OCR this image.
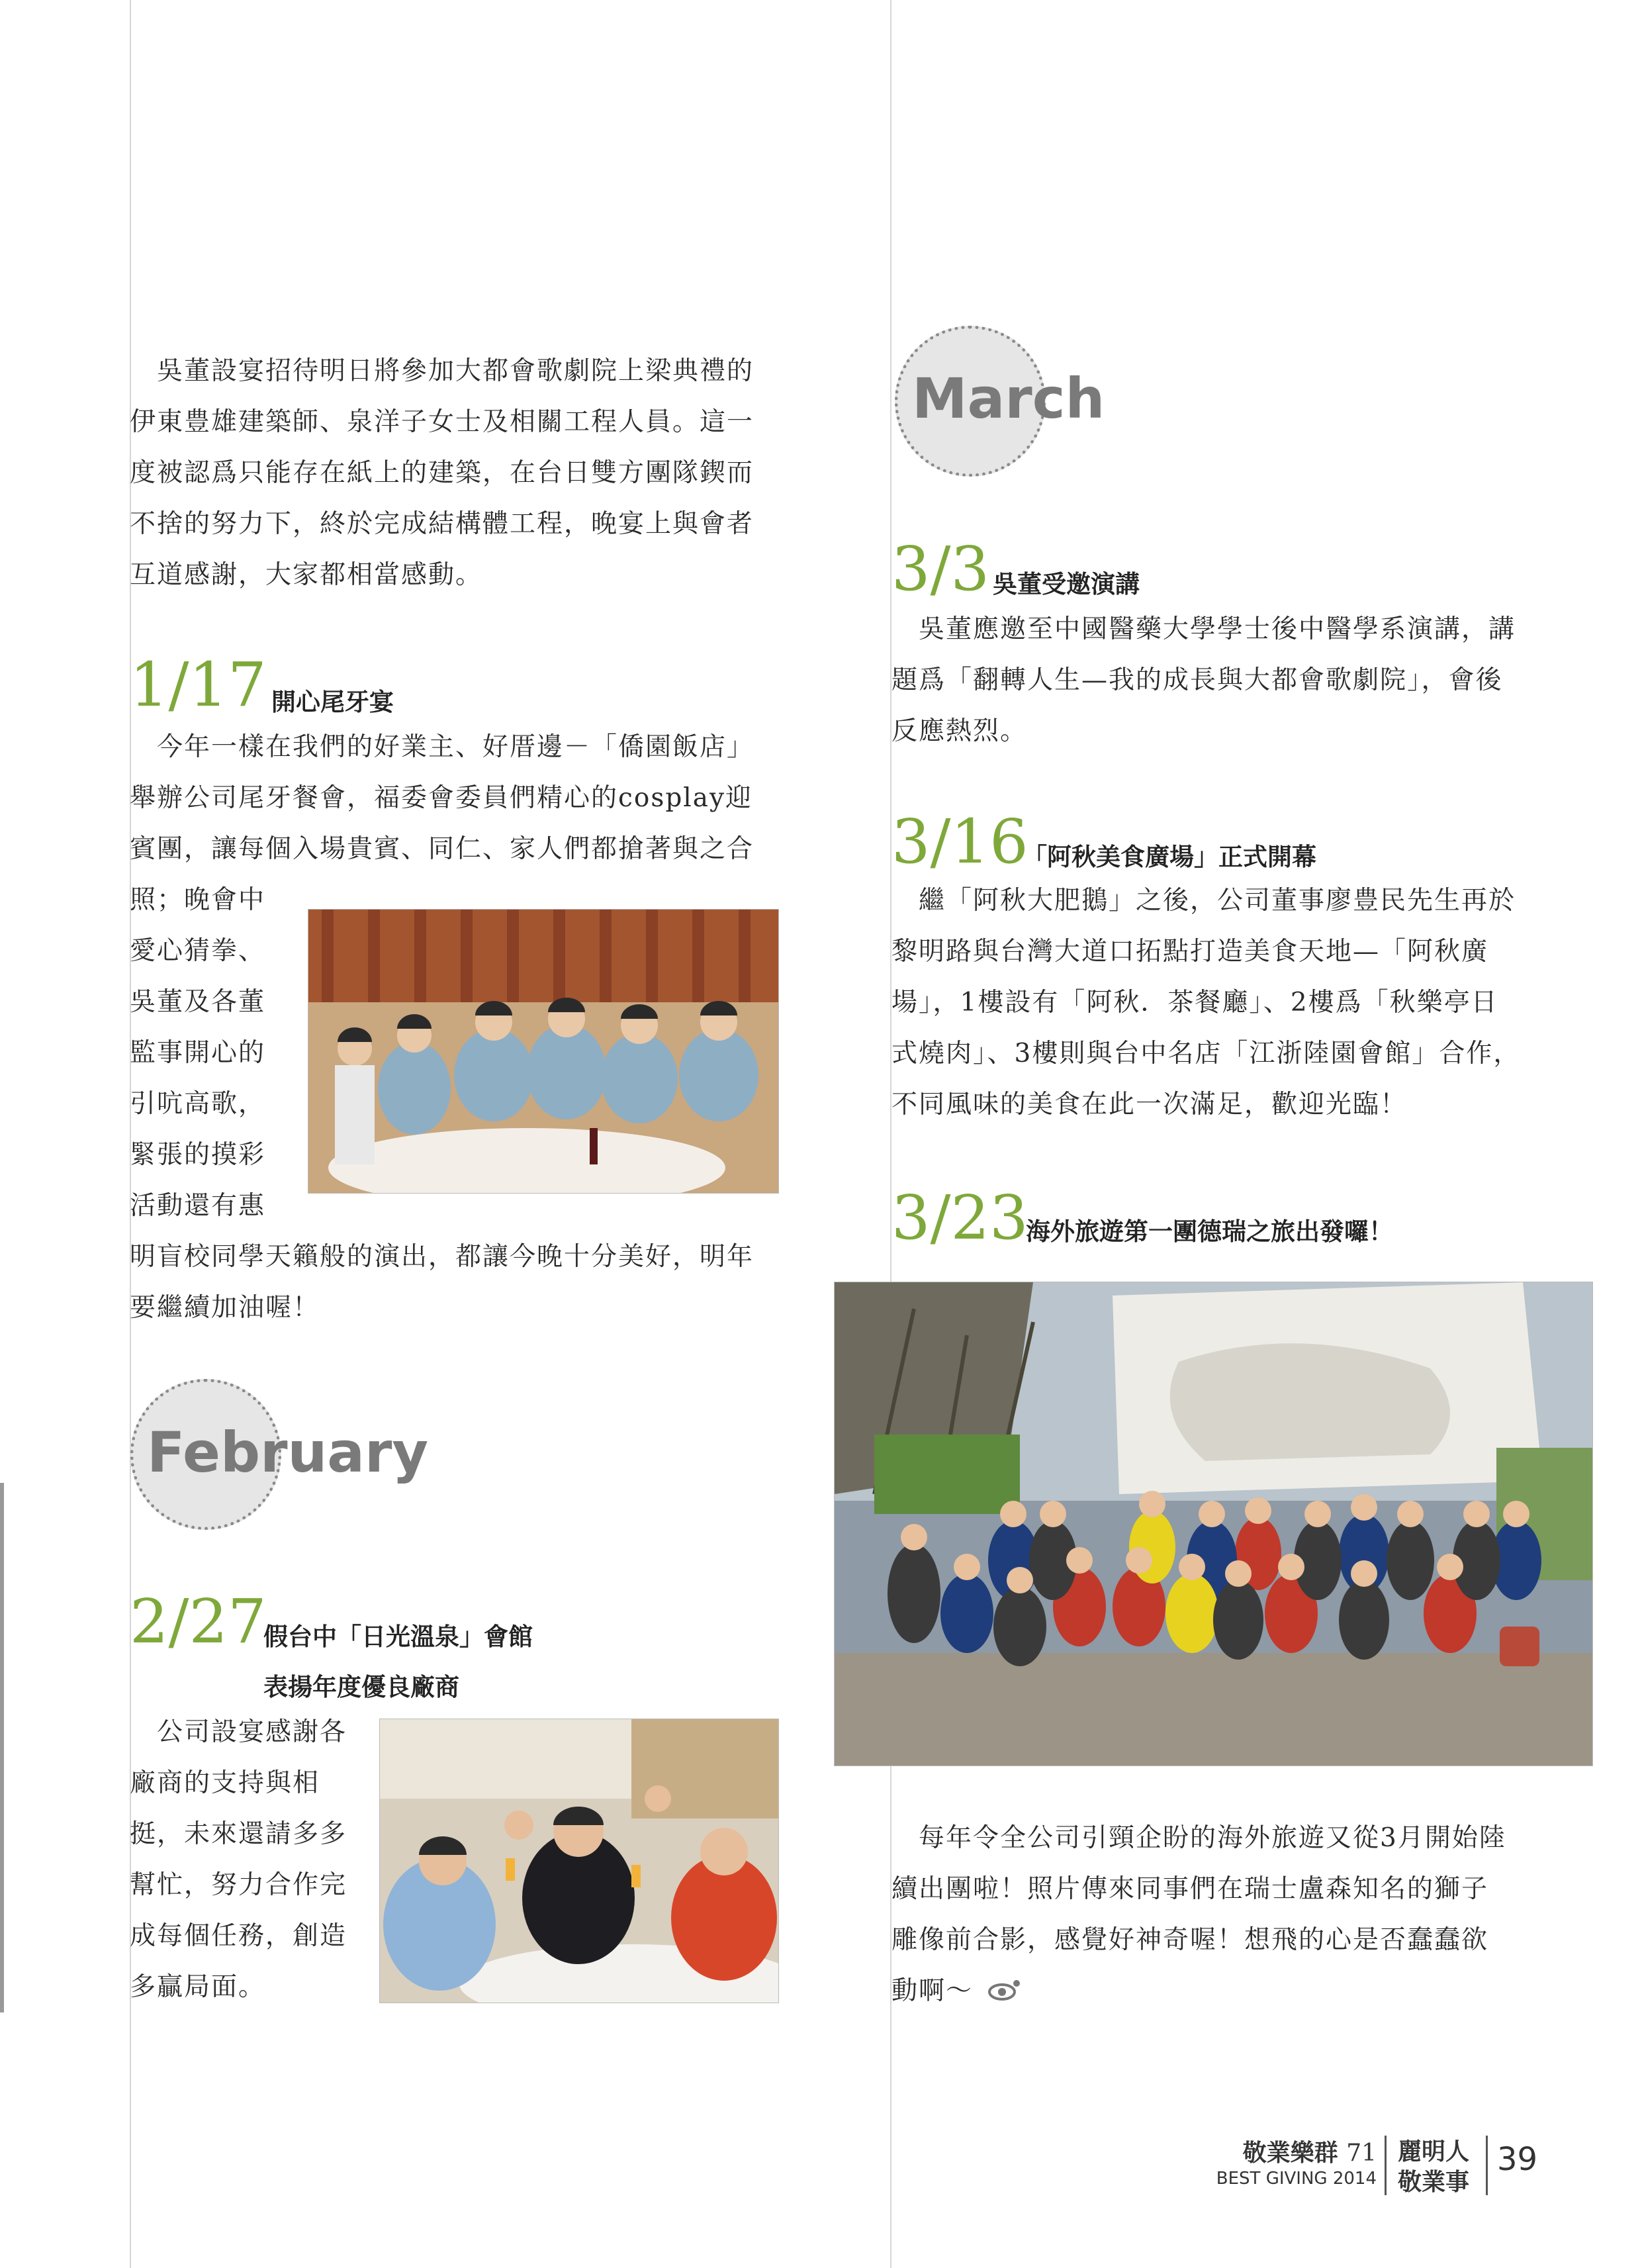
　吳董設宴招待明日將參加大都會歌劇院上梁典禮的

伊東豊雄建築師、泉洋子女士及相關工程人員。這一

度被認爲只能存在紙上的建築，在台日雙方團隊鍥而

不捨的努力下，終於完成結構體工程，晚宴上與會者

互道感謝，大家都相當感動。

1/17 開心尾牙宴

　今年一樣在我們的好業主、好厝邊－「僑園飯店」

舉辦公司尾牙餐會，福委會委員們精心的cosplay迎

賓團，讓每個入場貴賓、同仁、家人們都搶著與之合

照；晚會中

愛心猜拳、

吳董及各董

監事開心的

引吭高歌，

緊張的摸彩

活動還有惠

明盲校同學天籟般的演出，都讓今晚十分美好，明年

要繼續加油喔！

February
2/27
假台中「日光溫泉」會館
表揚年度優良廠商

　公司設宴感謝各

廠商的支持與相

挺，未來還請多多

幫忙，努力合作完

成每個任務，創造

多贏局面。

March
3/3 吳董受邀演講

　吳董應邀至中國醫藥大學學士後中醫學系演講，講

題爲「翻轉人生—我的成長與大都會歌劇院」，會後

反應熱烈。

3/16
「阿秋美食廣場」正式開幕

　繼「阿秋大肥鵝」之後，公司董事廖豊民先生再於

黎明路與台灣大道口拓點打造美食天地—「阿秋廣

場」，1樓設有「阿秋．茶餐廳」、2樓爲「秋樂亭日

式燒肉」、3樓則與台中名店「江浙陸園會館」合作，

不同風味的美食在此一次滿足，歡迎光臨！

3/23
海外旅遊第一團德瑞之旅出發囉！

　每年令全公司引頸企盼的海外旅遊又從3月開始陸

續出團啦！照片傳來同事們在瑞士盧森知名的獅子

雕像前合影，感覺好神奇喔！想飛的心是否蠢蠢欲

動啊～

敬業樂群 71
BEST GIVING 2014
麗明人
敬業事
39
